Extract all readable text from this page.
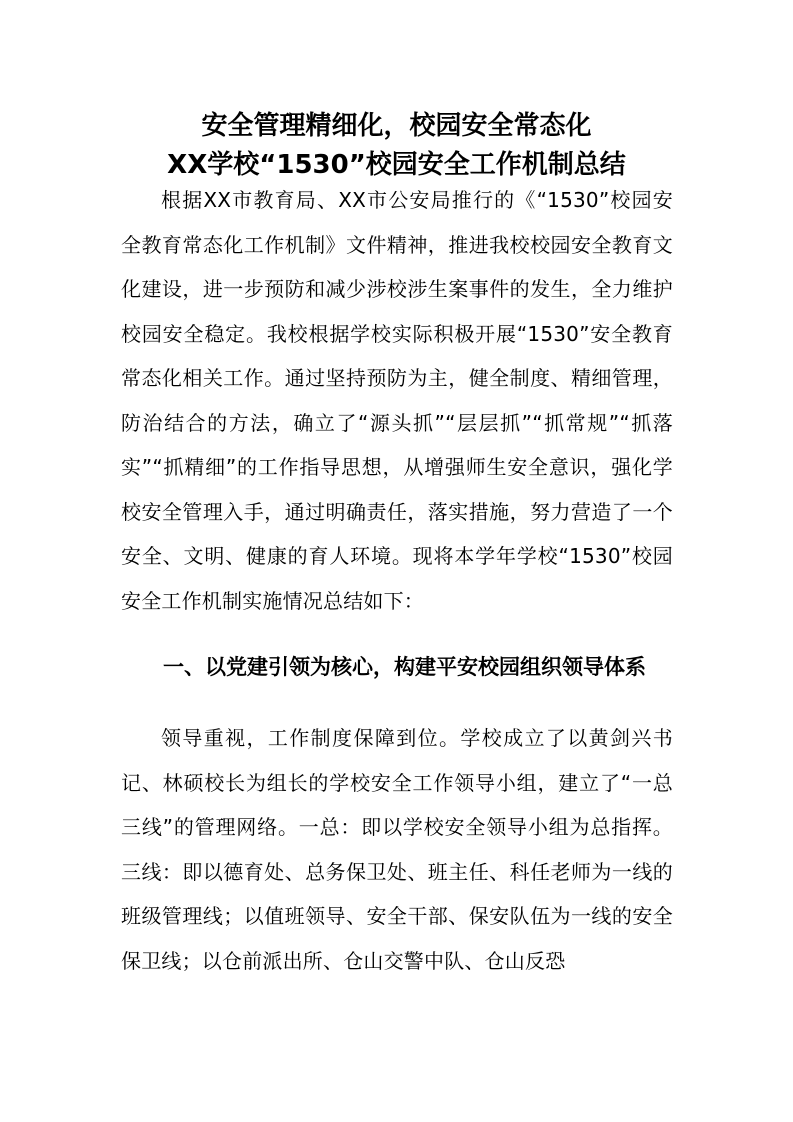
安全管理精细化，校园安全常态化
XX学校“1530”校园安全工作机制总结

根据XX市教育局、XX市公安局推行的《“1530”校园安全教育常态化工作机制》文件精神，推进我校校园安全教育文化建设，进一步预防和减少涉校涉生案事件的发生，全力维护校园安全稳定。我校根据学校实际积极开展“1530”安全教育常态化相关工作。通过坚持预防为主，健全制度、精细管理，防治结合的方法，确立了“源头抓”“层层抓”“抓常规”“抓落实”“抓精细”的工作指导思想，从增强师生安全意识，强化学校安全管理入手，通过明确责任，落实措施，努力营造了一个安全、文明、健康的育人环境。现将本学年学校“1530”校园安全工作机制实施情况总结如下：

一、以党建引领为核心，构建平安校园组织领导体系

领导重视，工作制度保障到位。学校成立了以黄剑兴书记、林硕校长为组长的学校安全工作领导小组，建立了“一总三线”的管理网络。一总：即以学校安全领导小组为总指挥。三线：即以德育处、总务保卫处、班主任、科任老师为一线的班级管理线；以值班领导、安全干部、保安队伍为一线的安全保卫线；以仓前派出所、仓山交警中队、仓山反恐
